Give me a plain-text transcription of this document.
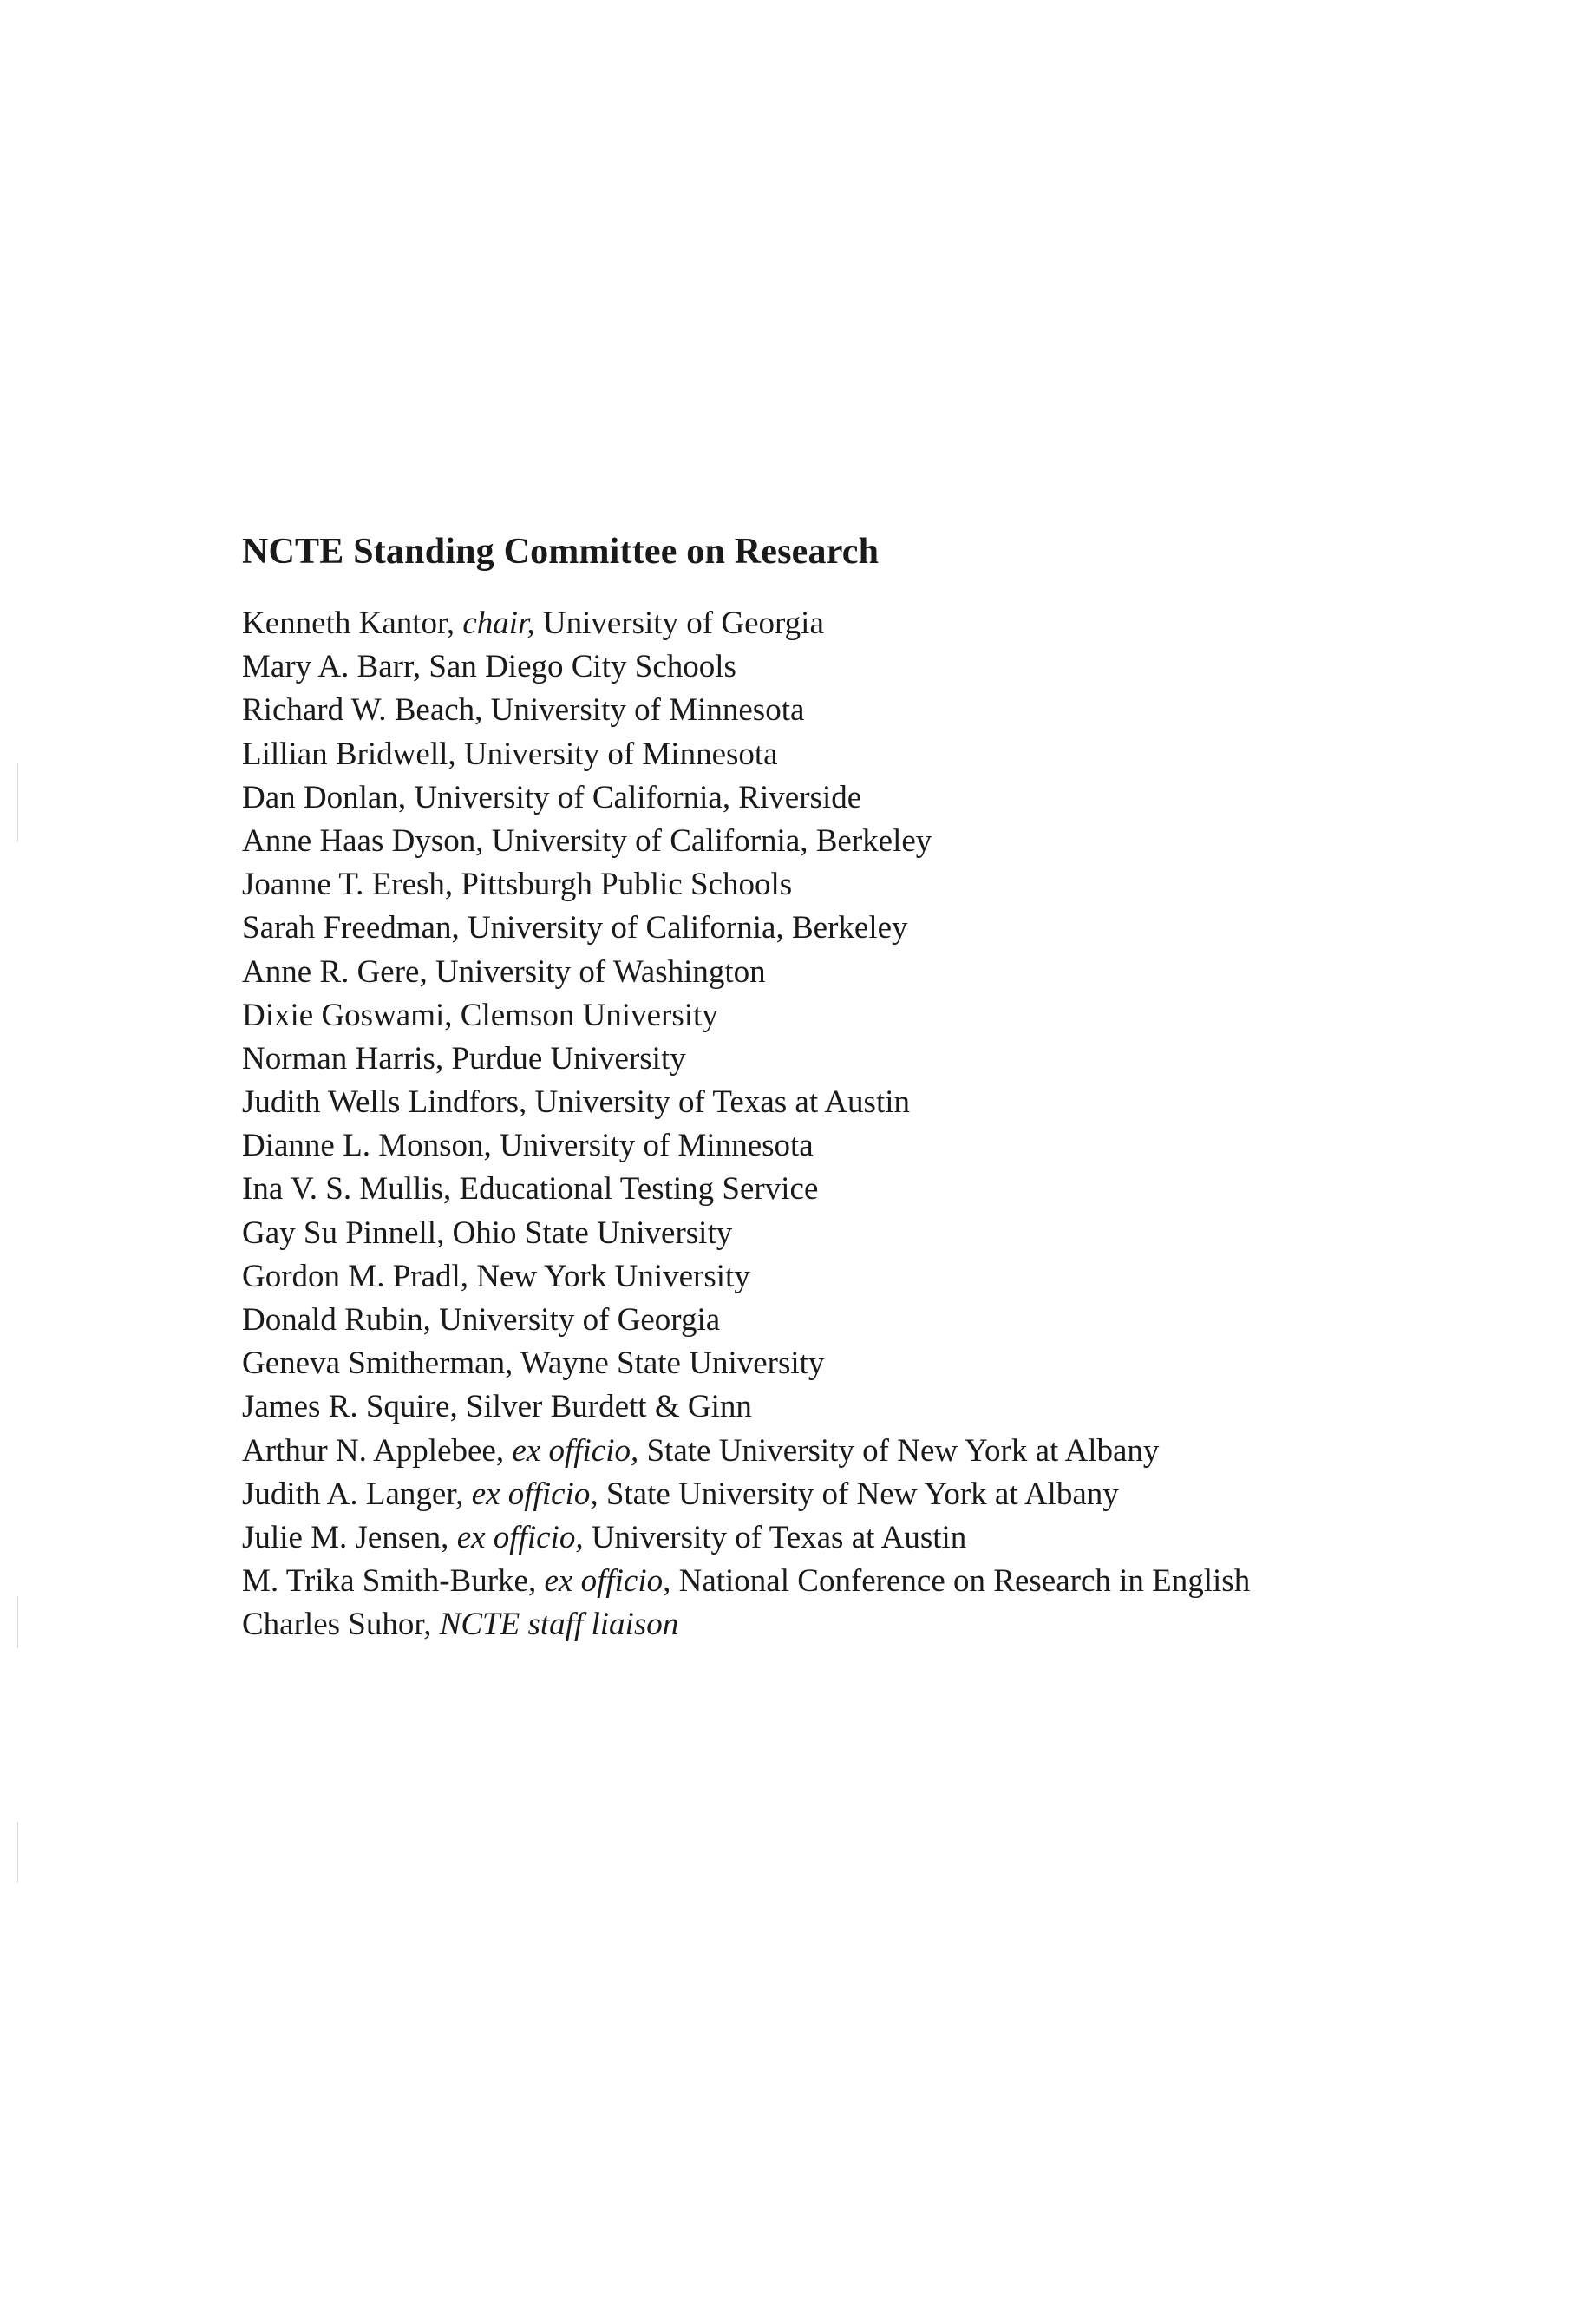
NCTE Standing Committee on Research
Kenneth Kantor, chair, University of Georgia
Mary A. Barr, San Diego City Schools
Richard W. Beach, University of Minnesota
Lillian Bridwell, University of Minnesota
Dan Donlan, University of California, Riverside
Anne Haas Dyson, University of California, Berkeley
Joanne T. Eresh, Pittsburgh Public Schools
Sarah Freedman, University of California, Berkeley
Anne R. Gere, University of Washington
Dixie Goswami, Clemson University
Norman Harris, Purdue University
Judith Wells Lindfors, University of Texas at Austin
Dianne L. Monson, University of Minnesota
Ina V. S. Mullis, Educational Testing Service
Gay Su Pinnell, Ohio State University
Gordon M. Pradl, New York University
Donald Rubin, University of Georgia
Geneva Smitherman, Wayne State University
James R. Squire, Silver Burdett & Ginn
Arthur N. Applebee, ex officio, State University of New York at Albany
Judith A. Langer, ex officio, State University of New York at Albany
Julie M. Jensen, ex officio, University of Texas at Austin
M. Trika Smith-Burke, ex officio, National Conference on Research in English
Charles Suhor, NCTE staff liaison
